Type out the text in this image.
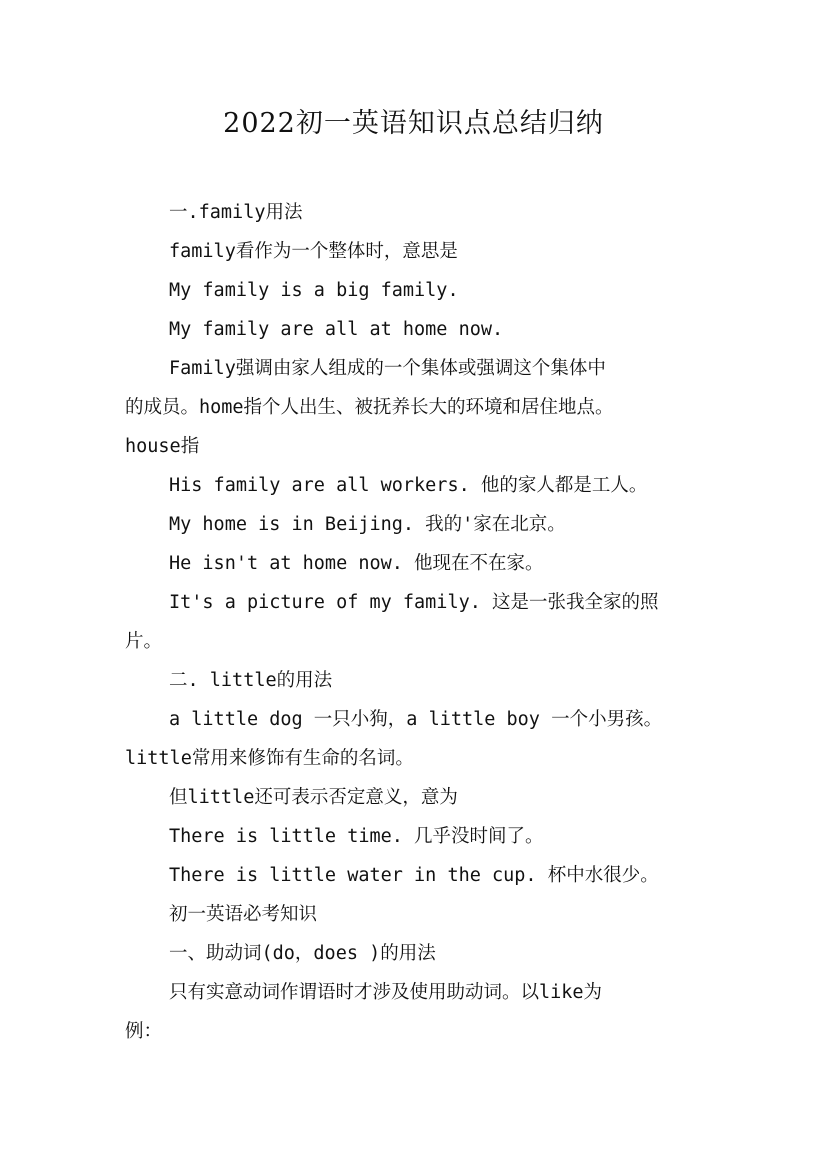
2022初一英语知识点总结归纳

一.family用法

family看作为一个整体时，意思是

My family is a big family.

My family are all at home now.

Family强调由家人组成的一个集体或强调这个集体中

的成员。home指个人出生、被抚养长大的环境和居住地点。

house指

His family are all workers. 他的家人都是工人。

My home is in Beijing. 我的'家在北京。

He isn't at home now. 他现在不在家。

It's a picture of my family. 这是一张我全家的照

片。

二. little的用法

a little dog 一只小狗，a little boy 一个小男孩。

little常用来修饰有生命的名词。

但little还可表示否定意义，意为

There is little time. 几乎没时间了。

There is little water in the cup. 杯中水很少。

初一英语必考知识

一、助动词(do，does )的用法

只有实意动词作谓语时才涉及使用助动词。以like为

例：
